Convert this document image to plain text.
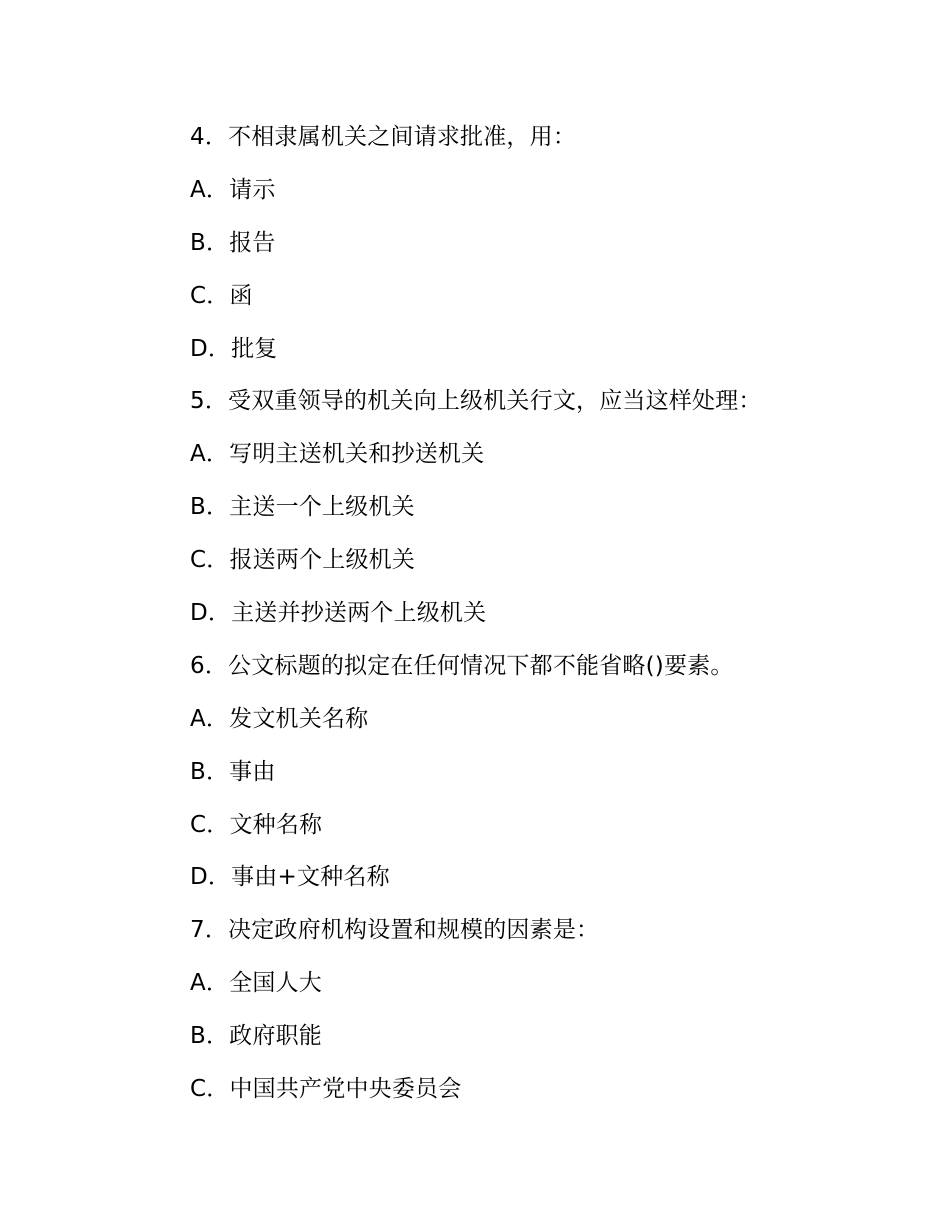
4．不相隶属机关之间请求批准，用：
A．请示
B．报告
C．函
D．批复
5．受双重领导的机关向上级机关行文，应当这样处理：
A．写明主送机关和抄送机关
B．主送一个上级机关
C．报送两个上级机关
D．主送并抄送两个上级机关
6．公文标题的拟定在任何情况下都不能省略()要素。
A．发文机关名称
B．事由
C．文种名称
D．事由+文种名称
7．决定政府机构设置和规模的因素是：
A．全国人大
B．政府职能
C．中国共产党中央委员会
